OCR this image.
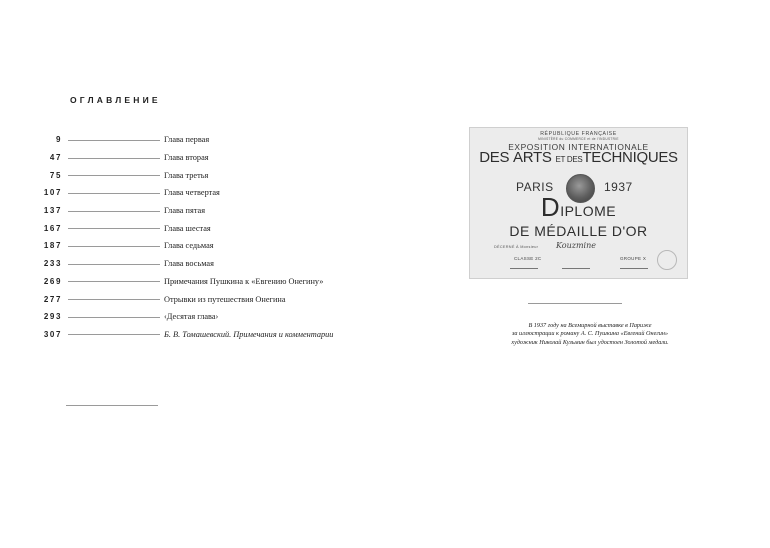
ОГЛАВЛЕНИЕ
9	Глава первая
47	Глава вторая
75	Глава третья
107	Глава четвертая
137	Глава пятая
167	Глава шестая
187	Глава седьмая
233	Глава восьмая
269	Примечания Пушкина к «Евгению Онегину»
277	Отрывки из путешествия Онегина
293	‹Десятая глава›
307	Б. В. Томашевский. Примечания и комментарии
RÉPUBLIQUE FRANÇAISE
MINISTÈRE du COMMERCE et de l'INDUSTRIE
EXPOSITION INTERNATIONALE
DES ARTS ET DESTECHNIQUES
PARIS	1937
DIPLOME
DE MÉDAILLE D'OR
DÉCERNÉ À Monsieur Kouzmine
CLASSE 2C	GROUPE X
В 1937 году на Всемирной выставке в Париже
за иллюстрации к роману А. С. Пушкина «Евгений Онегин»
художник Николай Кузьмин был удостоен Золотой медали.
